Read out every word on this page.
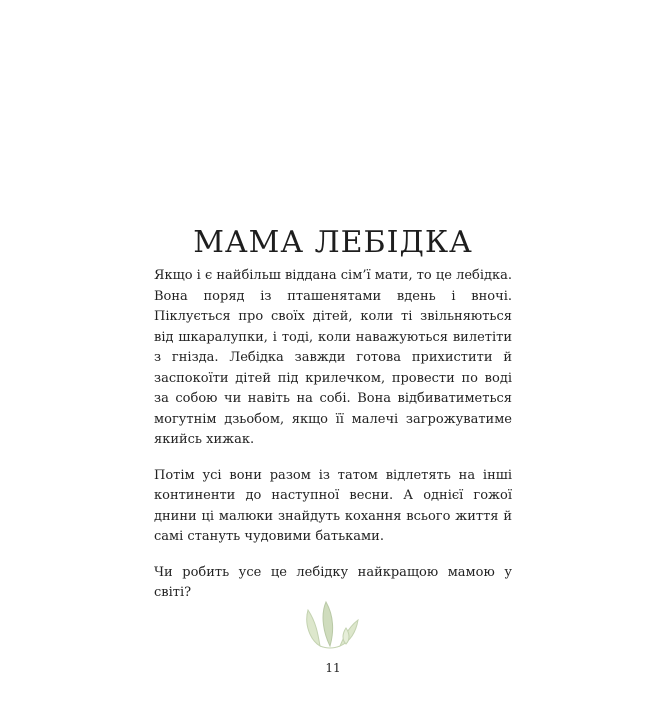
МАМА ЛЕБІДКА

Якщо і є найбільш віддана сім’ї мати, то це лебідка. Вона поряд із пташенятами вдень і вночі. Піклується про своїх дітей, коли ті звільняються від шкаралупки, і тоді, коли наважуються вилетіти з гнізда. Лебідка завжди готова прихистити й заспокоїти дітей під крилечком, провести по воді за собою чи навіть на собі. Вона відбиватиметься могутнім дзьобом, якщо її малечі загрожуватиме якийсь хижак.

Потім усі вони разом із татом відлетять на інші континенти до наступної весни. А однієї гожої днини ці малюки знайдуть кохання всього життя й самі стануть чудовими батьками.

Чи робить усе це лебідку найкращою мамою у світі?

11
